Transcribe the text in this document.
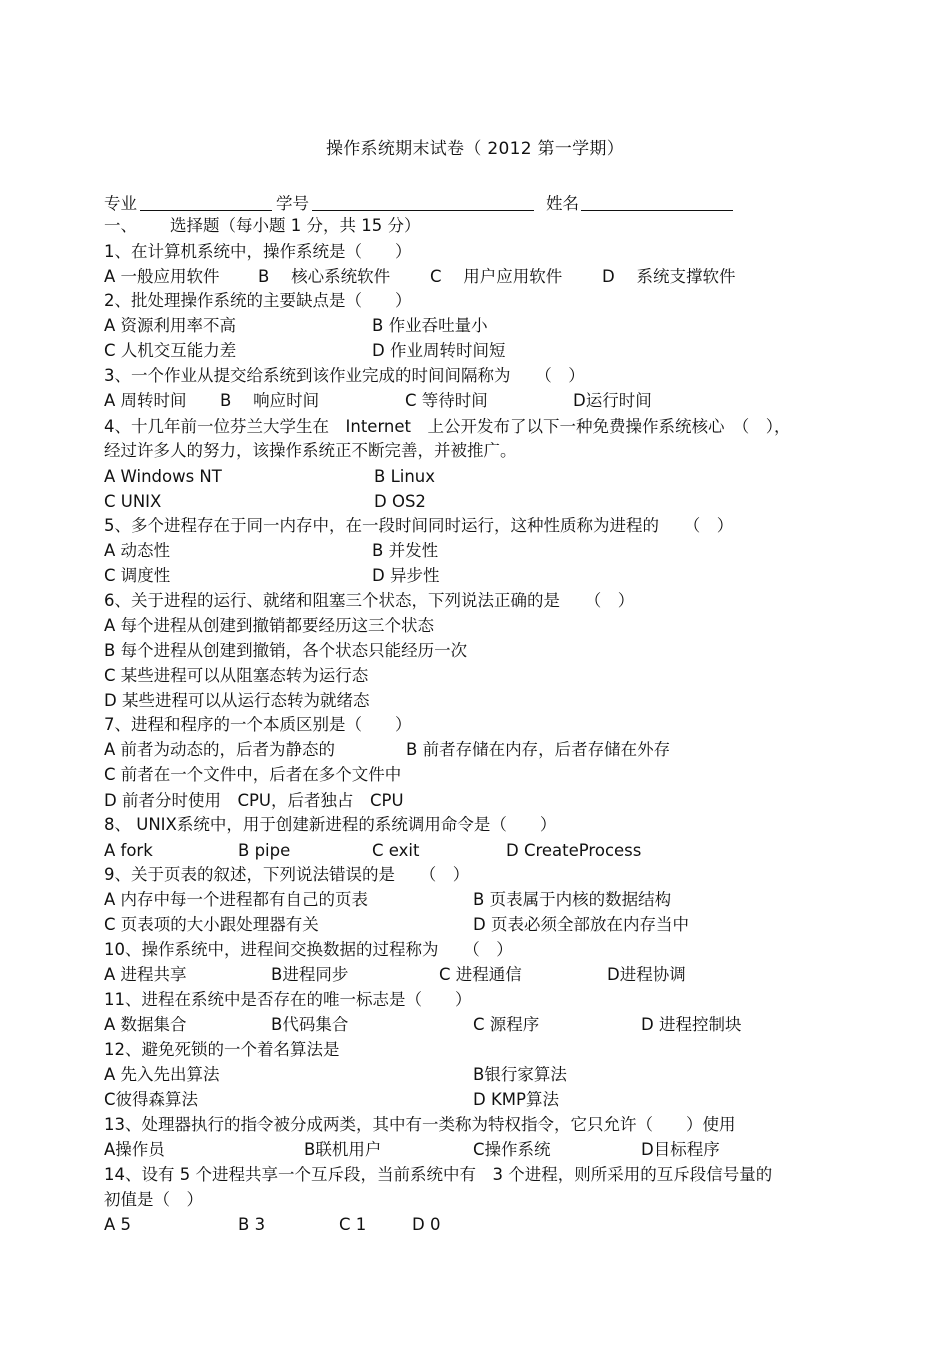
操作系统期末试卷（ 2012 第一学期）
专业	学号	姓名
一、 选择题（每小题 1 分，共 15 分）
1、在计算机系统中，操作系统是（　　）
A 一般应用软件 B 　核心系统软件 C 　用户应用软件 D 　系统支撑软件
2、批处理操作系统的主要缺点是（　　）
A 资源利用率不高	B 作业吞吐量小
C 人机交互能力差	D 作业周转时间短
3、一个作业从提交给系统到该作业完成的时间间隔称为　　（　）
A 周转时间 B 　响应时间	C 等待时间	D运行时间
4、十几年前一位芬兰大学生在　Internet　上公开发布了以下一种免费操作系统核心　（　），
经过许多人的努力，该操作系统正不断完善，并被推广。
A Windows NT	B Linux
C UNIX	D OS2
5、多个进程存在于同一内存中，在一段时间同时运行，这种性质称为进程的　　（　）
A 动态性	B 并发性
C 调度性	D 异步性
6、关于进程的运行、就绪和阻塞三个状态，下列说法正确的是　　（　）
A 每个进程从创建到撤销都要经历这三个状态
B 每个进程从创建到撤销，各个状态只能经历一次
C 某些进程可以从阻塞态转为运行态
D 某些进程可以从运行态转为就绪态
7、进程和程序的一个本质区别是（　　）
A 前者为动态的，后者为静态的	B 前者存储在内存，后者存储在外存
C 前者在一个文件中，后者在多个文件中
D 前者分时使用　CPU，后者独占　CPU
8、 UNIX系统中，用于创建新进程的系统调用命令是（　　）
A fork	B pipe	C exit	D CreateProcess
9、关于页表的叙述，下列说法错误的是　　（　）
A 内存中每一个进程都有自己的页表	B 页表属于内核的数据结构
C 页表项的大小跟处理器有关	D 页表必须全部放在内存当中
10、操作系统中，进程间交换数据的过程称为　　（　）
A 进程共享	B进程同步	C 进程通信	D进程协调
11、进程在系统中是否存在的唯一标志是（　　）
A 数据集合	B代码集合	C 源程序	D 进程控制块
12、避免死锁的一个着名算法是
A 先入先出算法	B银行家算法
C彼得森算法	D KMP算法
13、处理器执行的指令被分成两类，其中有一类称为特权指令，它只允许（　　）使用
A操作员	B联机用户	C操作系统	D目标程序
14、设有 5 个进程共享一个互斥段，当前系统中有　3 个进程，则所采用的互斥段信号量的
初值是（　）
A 5	B 3	C 1	D 0
